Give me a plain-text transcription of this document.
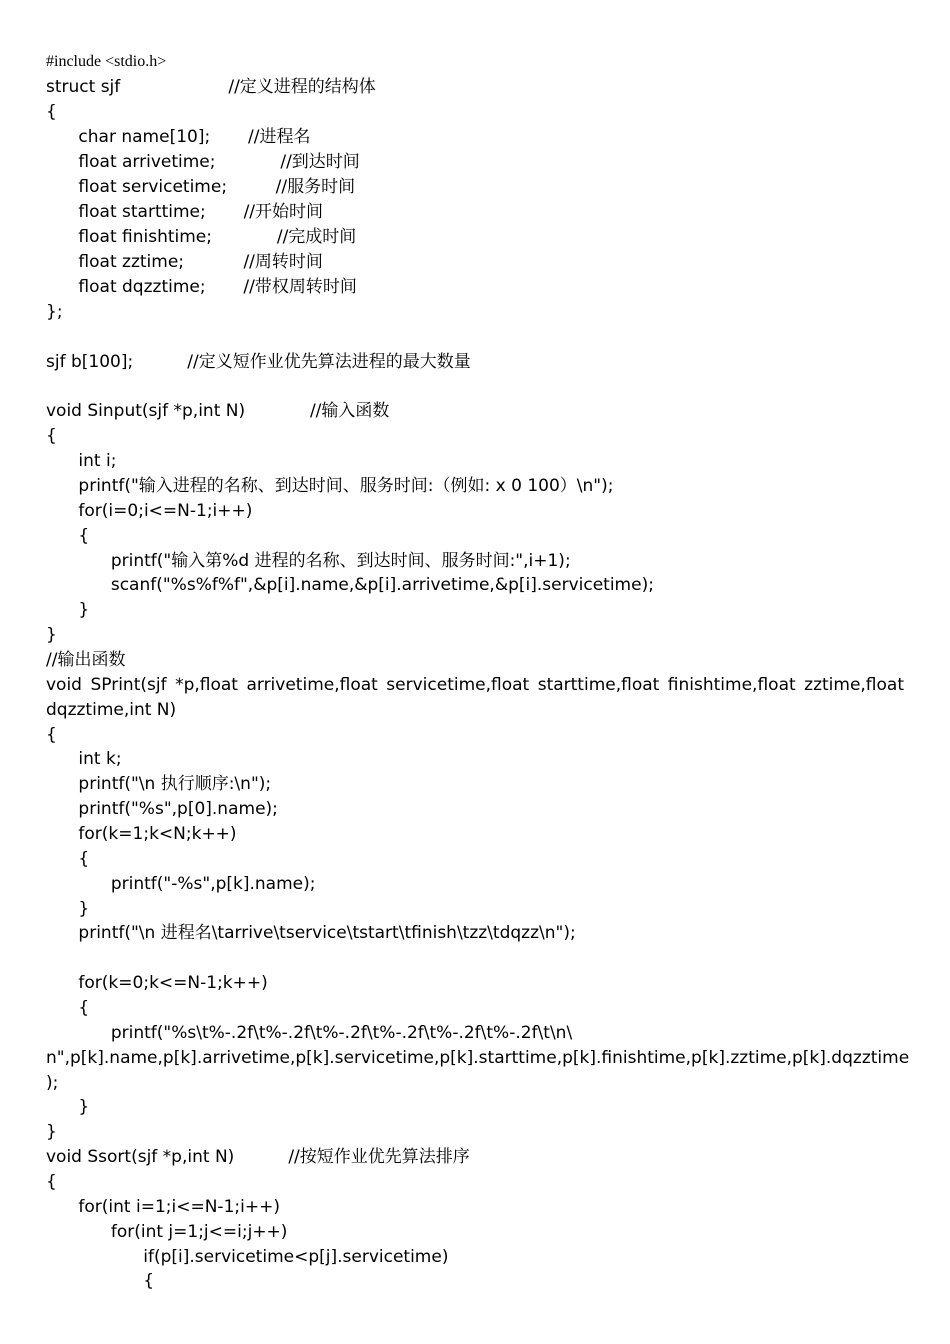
#include <stdio.h>
struct sjf                    //定义进程的结构体
{
char name[10];       //进程名
float arrivetime;            //到达时间
float servicetime;         //服务时间
float starttime;       //开始时间
float finishtime;            //完成时间
float zztime;           //周转时间
float dqzztime;       //带权周转时间
};
sjf b[100];          //定义短作业优先算法进程的最大数量
void Sinput(sjf *p,int N)            //输入函数
{
int i;
printf("输入进程的名称、到达时间、服务时间:（例如: x 0 100）\n");
for(i=0;i<=N-1;i++)
{
printf("输入第%d 进程的名称、到达时间、服务时间:",i+1);
scanf("%s%f%f",&p[i].name,&p[i].arrivetime,&p[i].servicetime);
}
}
//输出函数
void SPrint(sjf *p,float arrivetime,float servicetime,float starttime,float finishtime,float zztime,float
dqzztime,int N)
{
int k;
printf("\n 执行顺序:\n");
printf("%s",p[0].name);
for(k=1;k<N;k++)
{
printf("-%s",p[k].name);
}
printf("\n 进程名\tarrive\tservice\tstart\tfinish\tzz\tdqzz\n");
for(k=0;k<=N-1;k++)
{
printf("%s\t%-.2f\t%-.2f\t%-.2f\t%-.2f\t%-.2f\t%-.2f\t\n\
n",p[k].name,p[k].arrivetime,p[k].servicetime,p[k].starttime,p[k].finishtime,p[k].zztime,p[k].dqzztime
);
}
}
void Ssort(sjf *p,int N)          //按短作业优先算法排序
{
for(int i=1;i<=N-1;i++)
for(int j=1;j<=i;j++)
if(p[i].servicetime<p[j].servicetime)
{
